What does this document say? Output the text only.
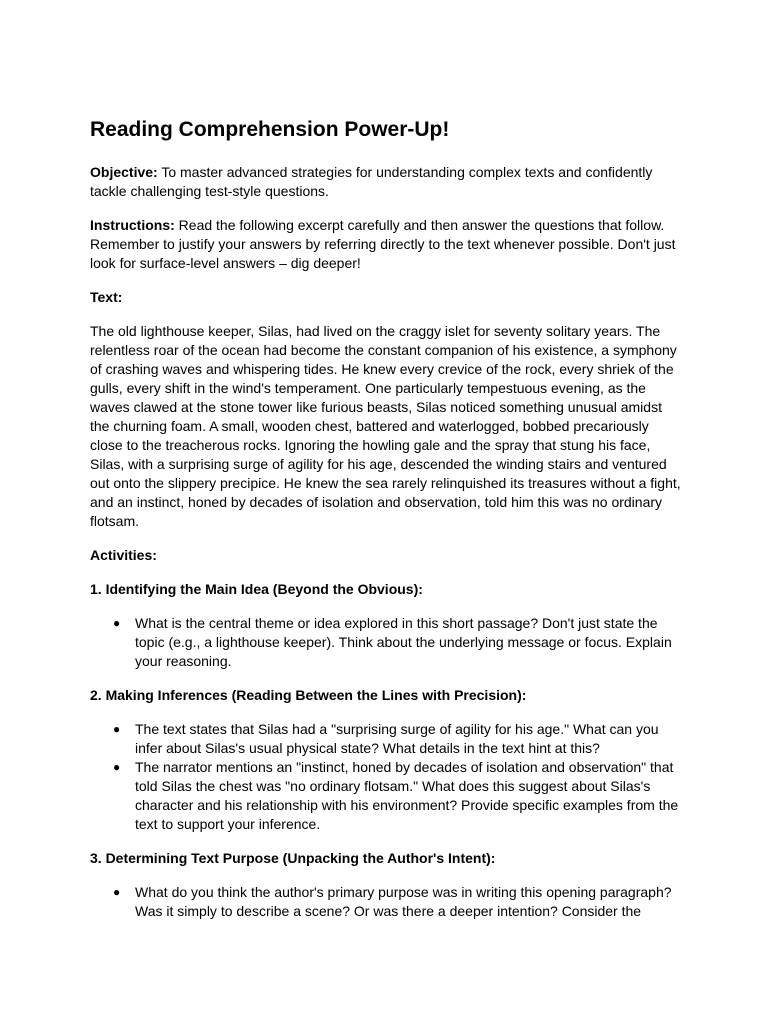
Reading Comprehension Power-Up!

Objective: To master advanced strategies for understanding complex texts and confidently tackle challenging test-style questions.

Instructions: Read the following excerpt carefully and then answer the questions that follow. Remember to justify your answers by referring directly to the text whenever possible. Don't just look for surface-level answers – dig deeper!

Text:

The old lighthouse keeper, Silas, had lived on the craggy islet for seventy solitary years. The relentless roar of the ocean had become the constant companion of his existence, a symphony of crashing waves and whispering tides. He knew every crevice of the rock, every shriek of the gulls, every shift in the wind's temperament. One particularly tempestuous evening, as the waves clawed at the stone tower like furious beasts, Silas noticed something unusual amidst the churning foam. A small, wooden chest, battered and waterlogged, bobbed precariously close to the treacherous rocks. Ignoring the howling gale and the spray that stung his face, Silas, with a surprising surge of agility for his age, descended the winding stairs and ventured out onto the slippery precipice. He knew the sea rarely relinquished its treasures without a fight, and an instinct, honed by decades of isolation and observation, told him this was no ordinary flotsam.

Activities:

1. Identifying the Main Idea (Beyond the Obvious):

● What is the central theme or idea explored in this short passage? Don't just state the topic (e.g., a lighthouse keeper). Think about the underlying message or focus. Explain your reasoning.

2. Making Inferences (Reading Between the Lines with Precision):

● The text states that Silas had a "surprising surge of agility for his age." What can you infer about Silas's usual physical state? What details in the text hint at this?
● The narrator mentions an "instinct, honed by decades of isolation and observation" that told Silas the chest was "no ordinary flotsam." What does this suggest about Silas's character and his relationship with his environment? Provide specific examples from the text to support your inference.

3. Determining Text Purpose (Unpacking the Author's Intent):

● What do you think the author's primary purpose was in writing this opening paragraph? Was it simply to describe a scene? Or was there a deeper intention? Consider the
